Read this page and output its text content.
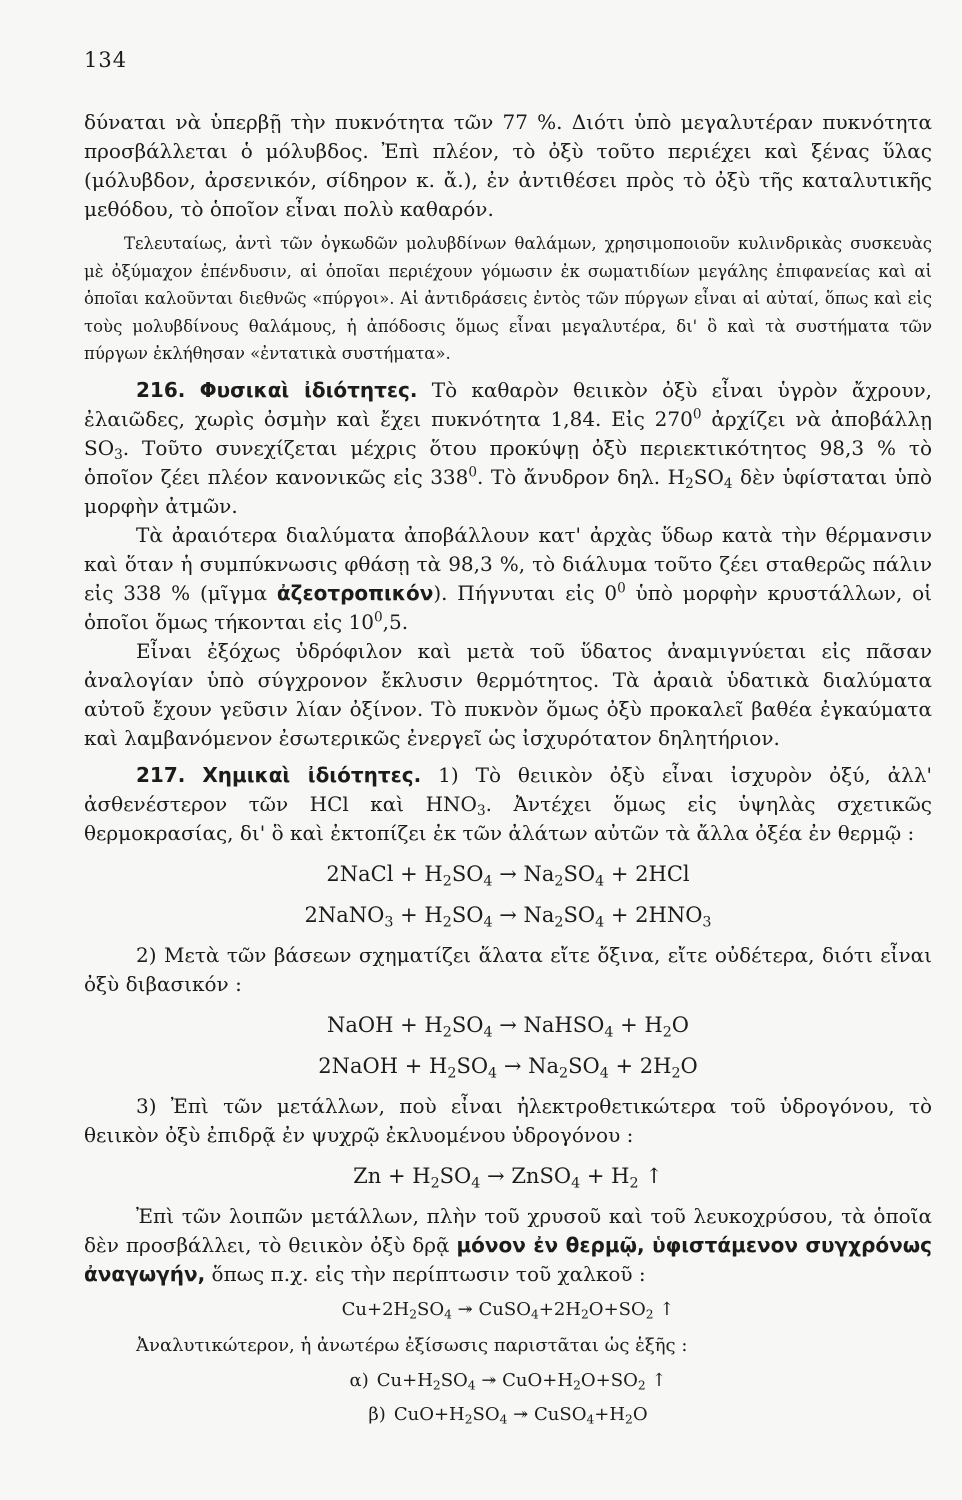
134

δύναται νὰ ὑπερβῇ τὴν πυκνότητα τῶν 77 %. Διότι ὑπὸ μεγαλυτέραν πυκνότητα προσβάλλεται ὁ μόλυβδος. Ἐπὶ πλέον, τὸ ὀξὺ τοῦτο περιέχει καὶ ξένας ὕλας (μόλυβδον, ἀρσενικόν, σίδηρον κ. ἄ.), ἐν ἀντιθέσει πρὸς τὸ ὀξὺ τῆς καταλυτικῆς μεθόδου, τὸ ὁποῖον εἶναι πολὺ καθαρόν.

Τελευταίως, ἀντὶ τῶν ὀγκωδῶν μολυβδίνων θαλάμων, χρησιμοποιοῦν κυλινδρικὰς συσκευὰς μὲ ὀξύμαχον ἐπένδυσιν, αἱ ὁποῖαι περιέχουν γόμωσιν ἐκ σωματιδίων μεγάλης ἐπιφανείας καὶ αἱ ὁποῖαι καλοῦνται διεθνῶς «πύργοι». Αἱ ἀντιδράσεις ἐντὸς τῶν πύργων εἶναι αἱ αὐταί, ὅπως καὶ εἰς τοὺς μολυβδίνους θαλάμους, ἡ ἀπόδοσις ὅμως εἶναι μεγαλυτέρα, δι' ὃ καὶ τὰ συστήματα τῶν πύργων ἐκλήθησαν «ἐντατικὰ συστήματα».

216. Φυσικαὶ ἰδιότητες. Τὸ καθαρὸν θειικὸν ὀξὺ εἶναι ὑγρὸν ἄχρουν, ἐλαιῶδες, χωρὶς ὀσμὴν καὶ ἔχει πυκνότητα 1,84. Εἰς $270^0$ ἀρχίζει νὰ ἀποβάλλῃ $SO_3$. Τοῦτο συνεχίζεται μέχρις ὅτου προκύψῃ ὀξὺ περιεκτικότητος 98,3 % τὸ ὁποῖον ζέει πλέον κανονικῶς εἰς $338^0$. Τὸ ἄνυδρον δηλ. $H_2SO_4$ δὲν ὑφίσταται ὑπὸ μορφὴν ἀτμῶν.

Τὰ ἀραιότερα διαλύματα ἀποβάλλουν κατ' ἀρχὰς ὕδωρ κατὰ τὴν θέρμανσιν καὶ ὅταν ἡ συμπύκνωσις φθάσῃ τὰ 98,3 %, τὸ διάλυμα τοῦτο ζέει σταθερῶς πάλιν εἰς 338 % (μῖγμα ἀζεοτροπικόν). Πήγνυται εἰς $0^0$ ὑπὸ μορφὴν κρυστάλλων, οἱ ὁποῖοι ὅμως τήκονται εἰς $10^0,5$.

Εἶναι ἐξόχως ὑδρόφιλον καὶ μετὰ τοῦ ὕδατος ἀναμιγνύεται εἰς πᾶσαν ἀναλογίαν ὑπὸ σύγχρονον ἔκλυσιν θερμότητος. Τὰ ἀραιὰ ὑδατικὰ διαλύματα αὐτοῦ ἔχουν γεῦσιν λίαν ὀξίνον. Τὸ πυκνὸν ὅμως ὀξὺ προκαλεῖ βαθέα ἐγκαύματα καὶ λαμβανόμενον ἐσωτερικῶς ἐνεργεῖ ὡς ἰσχυρότατον δηλητήριον.

217. Χημικαὶ ἰδιότητες. 1) Τὸ θειικὸν ὀξὺ εἶναι ἰσχυρὸν ὀξύ, ἀλλ' ἀσθενέστερον τῶν HCl καὶ $HNO_3$. Ἀντέχει ὅμως εἰς ὑψηλὰς σχετικῶς θερμοκρασίας, δι' ὃ καὶ ἐκτοπίζει ἐκ τῶν ἀλάτων αὐτῶν τὰ ἄλλα ὀξέα ἐν θερμῷ :

2NaCl + $H_2SO_4 \to Na_2SO_4 + 2HCl$
2NaNO$_3$ + $H_2SO_4 \to Na_2SO_4 + 2HNO_3$

2) Μετὰ τῶν βάσεων σχηματίζει ἅλατα εἴτε ὄξινα, εἴτε οὐδέτερα, διότι εἶναι ὀξὺ διβασικόν :

NaOH + $H_2SO_4$ → NaHSO$_4$ + $H_2O$
2NaOH + $H_2SO_4 \to Na_2SO_4 + 2H_2O$

3) Ἐπὶ τῶν μετάλλων, ποὺ εἶναι ἠλεκτροθετικώτερα τοῦ ὑδρογόνου, τὸ θειικὸν ὀξὺ ἐπιδρᾷ ἐν ψυχρῷ ἐκλυομένου ὑδρογόνου :

$Zn + H_2SO_4$ → ZnSO$_4$ + $H_2$ ↑

Ἐπὶ τῶν λοιπῶν μετάλλων, πλὴν τοῦ χρυσοῦ καὶ τοῦ λευκοχρύσου, τὰ ὁποῖα δὲν προσβάλλει, τὸ θειικὸν ὀξὺ δρᾷ μόνον ἐν θερμῷ, ὑφιστάμενον συγχρόνως ἀναγωγήν, ὅπως π.χ. εἰς τὴν περίπτωσιν τοῦ χαλκοῦ :

$Cu+2H_2SO_4$ ↠ $CuSO_4+2H_2O+SO_2$ ↑

Ἀναλυτικώτερον, ἡ ἀνωτέρω ἐξίσωσις παριστᾶται ὡς ἑξῆς :

α) $Cu+H_2SO_4$ ↠ $CuO+H_2O+SO_2$ ↑
β) $CuO+H_2SO_4$ ↠ $CuSO_4+H_2O$
